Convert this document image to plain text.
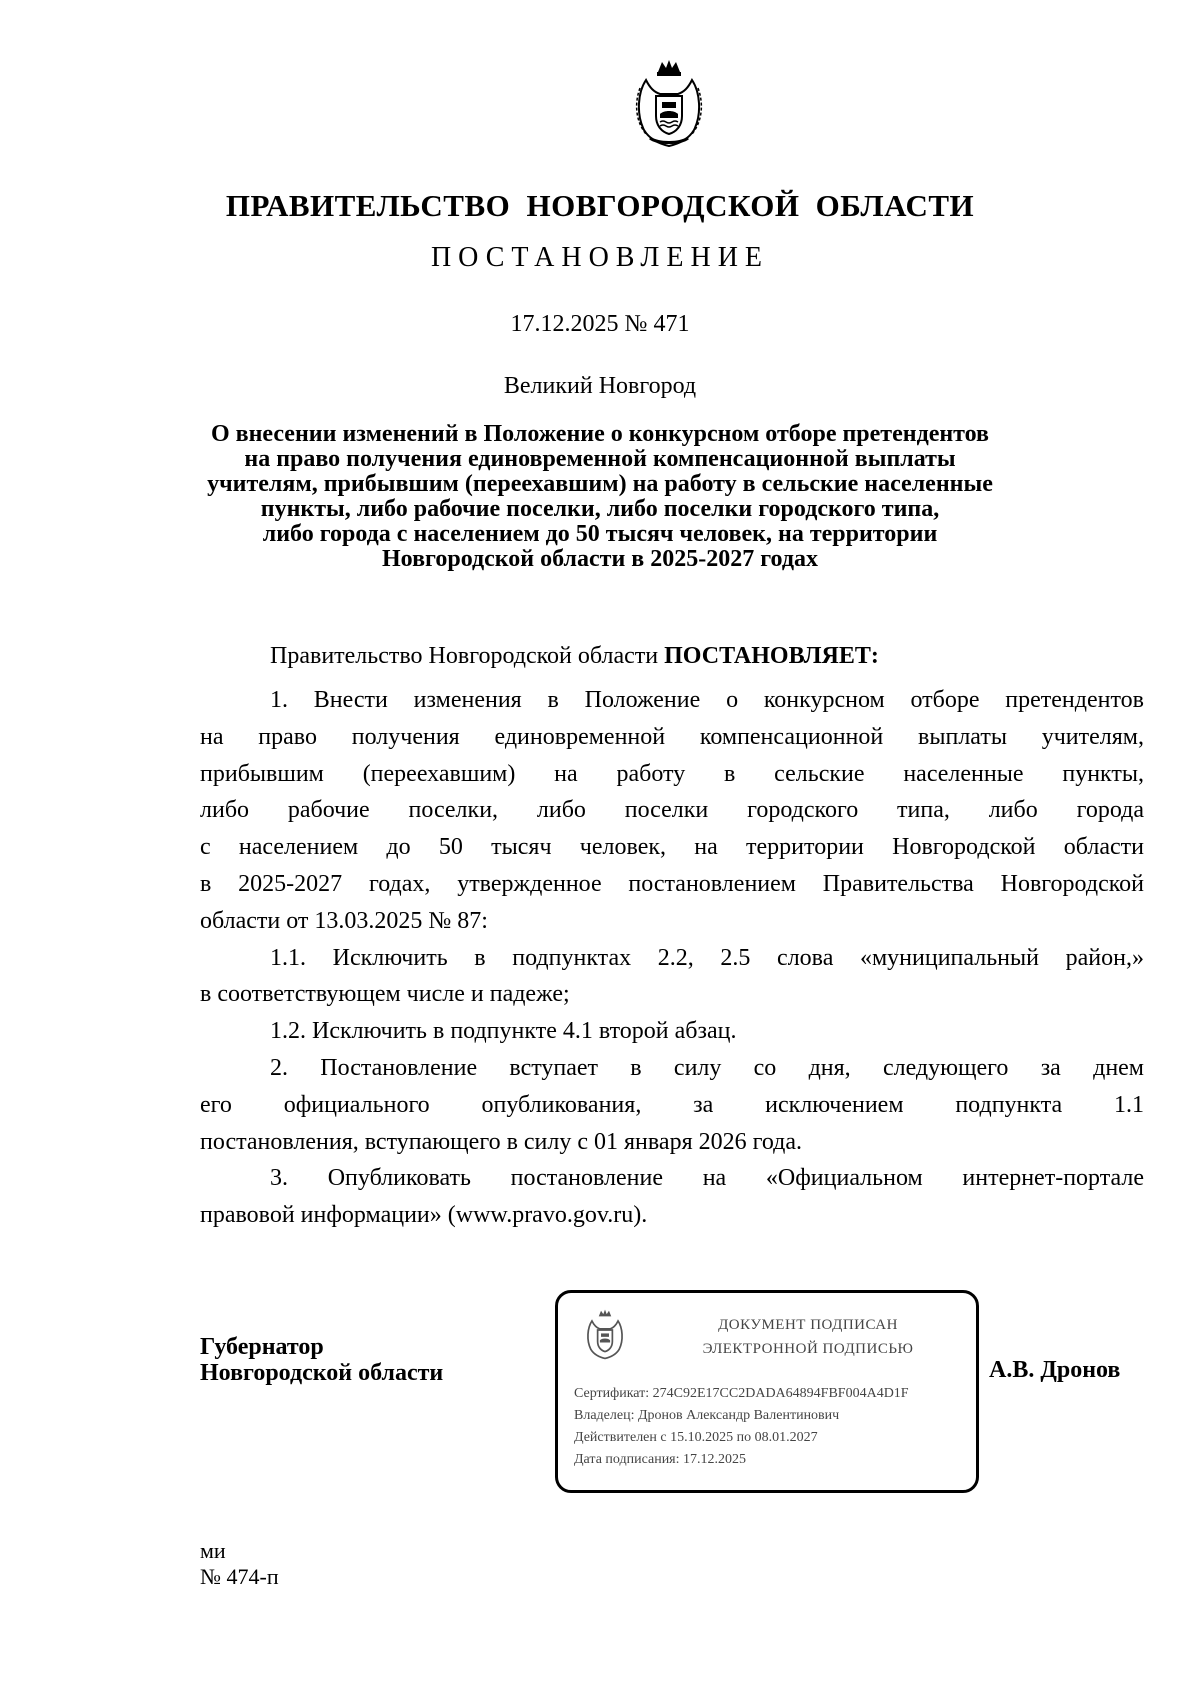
ПРАВИТЕЛЬСТВО НОВГОРОДСКОЙ ОБЛАСТИ
ПОСТАНОВЛЕНИЕ
17.12.2025 № 471
Великий Новгород
О внесении изменений в Положение о конкурсном отборе претендентов
на право получения единовременной компенсационной выплаты
учителям, прибывшим (переехавшим) на работу в сельские населенные
пункты, либо рабочие поселки, либо поселки городского типа,
либо города с населением до 50 тысяч человек, на территории
Новгородской области в 2025-2027 годах
Правительство Новгородской области ПОСТАНОВЛЯЕТ:
1. Внести изменения в Положение о конкурсном отборе претендентов
на право получения единовременной компенсационной выплаты учителям,
прибывшим (переехавшим) на работу в сельские населенные пункты,
либо рабочие поселки, либо поселки городского типа, либо города
с населением до 50 тысяч человек, на территории Новгородской области
в 2025-2027 годах, утвержденное постановлением Правительства Новгородской
области от 13.03.2025 № 87:
1.1. Исключить в подпунктах 2.2, 2.5 слова «муниципальный район,»
в соответствующем числе и падеже;
1.2. Исключить в подпункте 4.1 второй абзац.
2. Постановление вступает в силу со дня, следующего за днем
его официального опубликования, за исключением подпункта 1.1
постановления, вступающего в силу с 01 января 2026 года.
3. Опубликовать постановление на «Официальном интернет-портале
правовой информации» (www.pravo.gov.ru).
Губернатор
Новгородской области
ДОКУМЕНТ ПОДПИСАН
ЭЛЕКТРОННОЙ ПОДПИСЬЮ
Сертификат: 274C92E17CC2DADA64894FBF004A4D1F
Владелец: Дронов Александр Валентинович
Действителен с 15.10.2025 по 08.01.2027
Дата подписания: 17.12.2025
А.В. Дронов
ми
№ 474-п
